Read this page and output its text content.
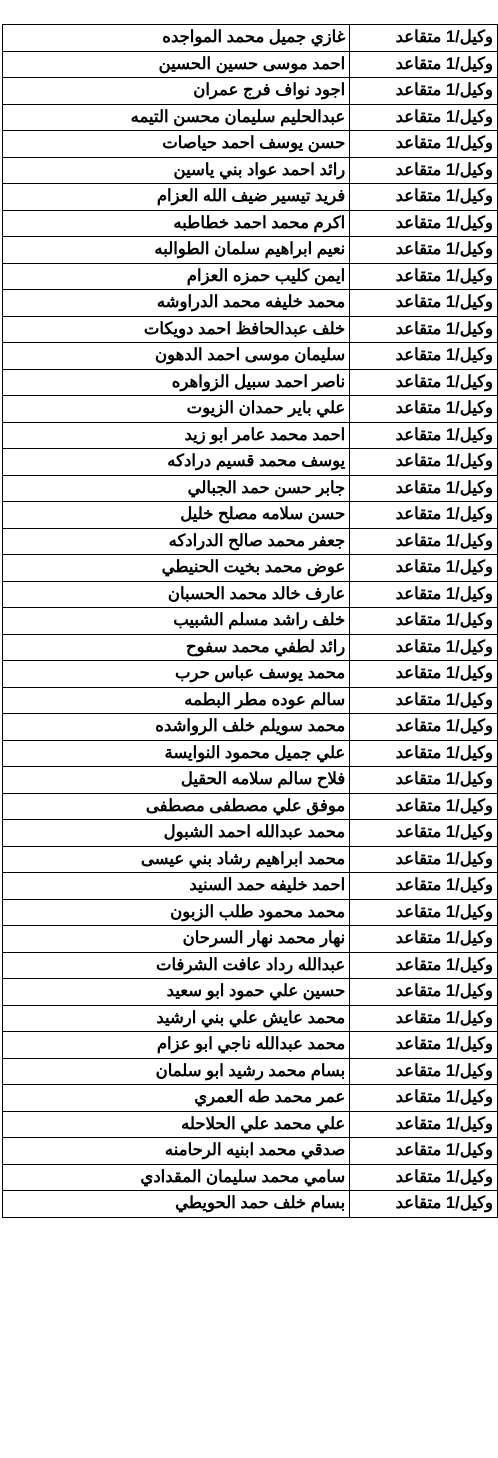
وكيل/1 متقاعد	غازي جميل محمد المواجده
وكيل/1 متقاعد	احمد موسى حسين الحسين
وكيل/1 متقاعد	اجود نواف فرج عمران
وكيل/1 متقاعد	عبدالحليم سليمان محسن التيمه
وكيل/1 متقاعد	حسن يوسف احمد حياصات
وكيل/1 متقاعد	رائد احمد عواد بني ياسين
وكيل/1 متقاعد	فريد تيسير ضيف الله العزام
وكيل/1 متقاعد	اكرم محمد احمد خطاطبه
وكيل/1 متقاعد	نعيم ابراهيم سلمان الطوالبه
وكيل/1 متقاعد	ايمن كليب حمزه العزام
وكيل/1 متقاعد	محمد خليفه محمد الدراوشه
وكيل/1 متقاعد	خلف عبدالحافظ احمد دويكات
وكيل/1 متقاعد	سليمان موسى احمد الدهون
وكيل/1 متقاعد	ناصر احمد سبيل الزواهره
وكيل/1 متقاعد	علي باير حمدان الزيوت
وكيل/1 متقاعد	احمد محمد عامر ابو زيد
وكيل/1 متقاعد	يوسف محمد قسيم درادكه
وكيل/1 متقاعد	جابر حسن حمد الجبالي
وكيل/1 متقاعد	حسن سلامه مصلح خليل
وكيل/1 متقاعد	جعفر محمد صالح الدرادكه
وكيل/1 متقاعد	عوض محمد بخيت الحنيطي
وكيل/1 متقاعد	عارف خالد محمد الحسبان
وكيل/1 متقاعد	خلف راشد مسلم الشبيب
وكيل/1 متقاعد	رائد لطفي محمد سفوح
وكيل/1 متقاعد	محمد يوسف عباس حرب
وكيل/1 متقاعد	سالم عوده مطر البطمه
وكيل/1 متقاعد	محمد سويلم خلف الرواشده
وكيل/1 متقاعد	علي جميل محمود النوايسة
وكيل/1 متقاعد	فلاح سالم سلامه الحقيل
وكيل/1 متقاعد	موفق علي مصطفى مصطفى
وكيل/1 متقاعد	محمد عبدالله احمد الشبول
وكيل/1 متقاعد	محمد ابراهيم رشاد بني عيسى
وكيل/1 متقاعد	احمد خليفه حمد السنيد
وكيل/1 متقاعد	محمد محمود طلب الزبون
وكيل/1 متقاعد	نهار محمد نهار السرحان
وكيل/1 متقاعد	عبدالله رداد عافت الشرفات
وكيل/1 متقاعد	حسين علي حمود ابو سعيد
وكيل/1 متقاعد	محمد عايش علي بني ارشيد
وكيل/1 متقاعد	محمد عبدالله ناجي ابو عزام
وكيل/1 متقاعد	بسام محمد رشيد ابو سلمان
وكيل/1 متقاعد	عمر محمد طه العمري
وكيل/1 متقاعد	علي محمد علي الحلاحله
وكيل/1 متقاعد	صدقي محمد ابنيه الرحامنه
وكيل/1 متقاعد	سامي محمد سليمان المقدادي
وكيل/1 متقاعد	بسام خلف حمد الحويطي
